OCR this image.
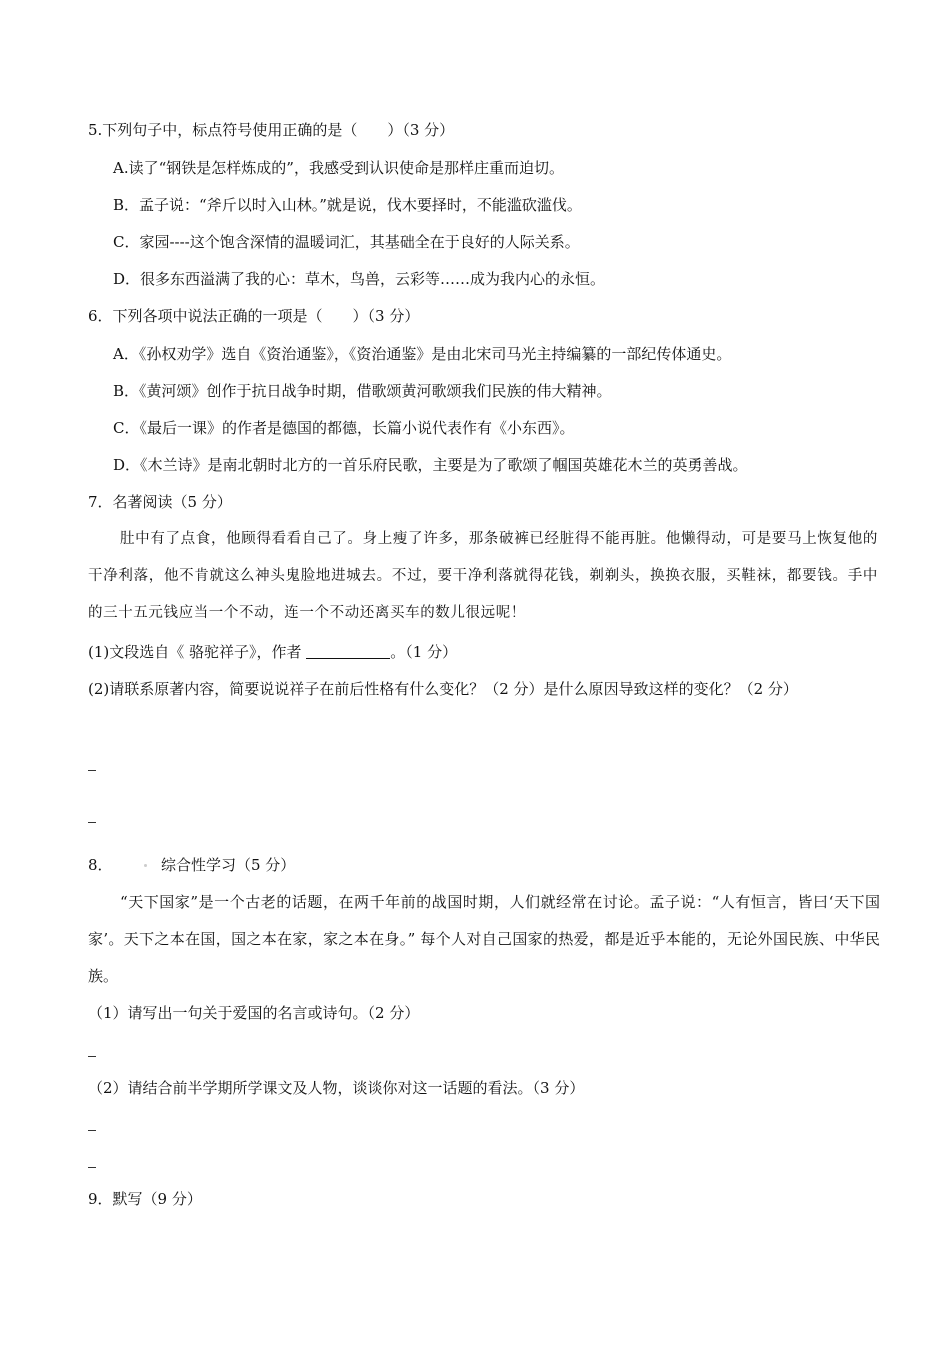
5.下列句子中，标点符号使用正确的是（　　）（3 分）
A.读了“钢铁是怎样炼成的”，我感受到认识使命是那样庄重而迫切。
B．孟子说：“斧斤以时入山林。”就是说，伐木要择时，不能滥砍滥伐。
C．家园----这个饱含深情的温暖词汇，其基础全在于良好的人际关系。
D．很多东西溢满了我的心：草木，鸟兽，云彩等……成为我内心的永恒。
6．下列各项中说法正确的一项是（　　）（3 分）
A．《孙权劝学》选自《资治通鉴》，《资治通鉴》是由北宋司马光主持编纂的一部纪传体通史。
B．《黄河颂》创作于抗日战争时期，借歌颂黄河歌颂我们民族的伟大精神。
C．《最后一课》的作者是德国的都德，长篇小说代表作有《小东西》。
D．《木兰诗》是南北朝时北方的一首乐府民歌，主要是为了歌颂了帼国英雄花木兰的英勇善战。
7．名著阅读（5 分）
肚中有了点食，他顾得看看自己了。身上瘦了许多，那条破裤已经脏得不能再脏。他懒得动，可是要马上恢复他的干净利落，他不肯就这么神头鬼脸地进城去。不过，要干净利落就得花钱，剃剃头，换换衣服，买鞋袜，都要钱。手中的三十五元钱应当一个不动，连一个不动还离买车的数儿很远呢！
(1)文段选自《 骆驼祥子》，作者	。（1 分）
(2)请联系原著内容，简要说说祥子在前后性格有什么变化？（2 分）是什么原因导致这样的变化？（2 分）
8．	综合性学习（5 分）
“天下国家”是一个古老的话题，在两千年前的战国时期，人们就经常在讨论。孟子说：“人有恒言，皆曰‘天下国家’。天下之本在国，国之本在家，家之本在身。” 每个人对自己国家的热爱，都是近乎本能的，无论外国民族、中华民族。
（1）请写出一句关于爱国的名言或诗句。（2 分）
（2）请结合前半学期所学课文及人物，谈谈你对这一话题的看法。（3 分）
9．默写（9 分）
